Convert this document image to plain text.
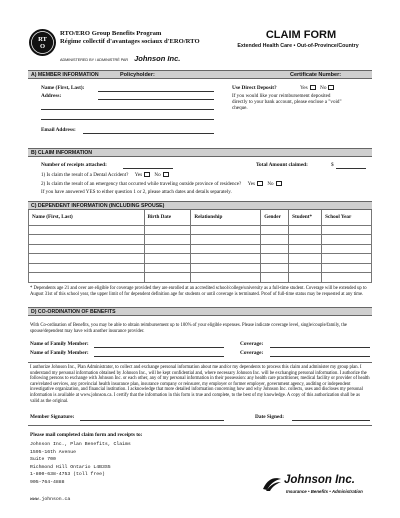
RT
O
RTO/ERO Group Benefits Program
Régime collectif d'avantages sociaux d'ERO/RTO
ADMINISTERED BY / ADMINISTRÉ PAR Johnson Inc.
CLAIM FORM
Extended Health Care • Out-of-Province/Country
A) MEMBER INFORMATION	Policyholder:	Certificate Number:
Name (First, Last):
Address:
Email Address:
Use Direct Deposit?	Yes No
If you would like your reimbursement deposited directly to your bank account, please enclose a "void" cheque.
B) CLAIM INFORMATION
Number of receipts attached:	Total Amount claimed:	$
1) Is claim the result of a Dental Accident? Yes No
2) Is claim the result of an emergency that occurred while traveling outside province of residence? Yes No
If you have answered YES to either question 1 or 2, please attach dates and details separately.
C) DEPENDENT INFORMATION (INCLUDING SPOUSE)
Name (First, Last)	Birth Date	Relationship	Gender	Student*	School Year

* Dependents age 21 and over are eligible for coverage provided they are enrolled at an accredited school/college/university as a full-time student. Coverage will be extended up to August 31st of this school year, the upper limit of for dependent definition age for students or until coverage is terminated. Proof of full-time status may be requested at any time.
D) CO-ORDINATION OF BENEFITS
With Co-ordination of Benefits, you may be able to obtain reimbursement up to 100% of your eligible expenses. Please indicate coverage level, single/couple/family, the spouse/dependent may have with another insurance provider.
Name of Family Member:	Coverage:
Name of Family Member:	Coverage:
I authorize Johnson Inc., Plan Administrator, to collect and exchange personal information about me and/or my dependents to process this claim and administer my group plan. I understand my personal information obtained by Johnson Inc., will be kept confidential and, where necessary Johnson Inc. will be exchanging personal information. I authorize the following persons to exchange with Johnson Inc. or each other, any of my personal information in their possession: any health care practitioner, medical facility or provider of health care/related services, any provincial health insurance plan, insurance company or reinsurer, my employer or former employer, government agency, auditing or independent investigative organization, and financial institution. I acknowledge that more detailed information concerning how and why Johnson Inc. collects, uses and discloses my personal information is available at www.johnson.ca. I certify that the information in this form is true and complete, to the best of my knowledge. A copy of this authorization shall be as valid as the original.
Member Signature:	Date Signed:
Please mail completed claim form and receipts to:
Johnson Inc., Plan Benefits, Claims
1595-16th Avenue
Suite 700
Richmond Hill Ontario L4B3S5
1-800-638-4753 (toll free)
905-764-4888
www.johnson.ca
Johnson Inc.
Insurance • Benefits • Administration
